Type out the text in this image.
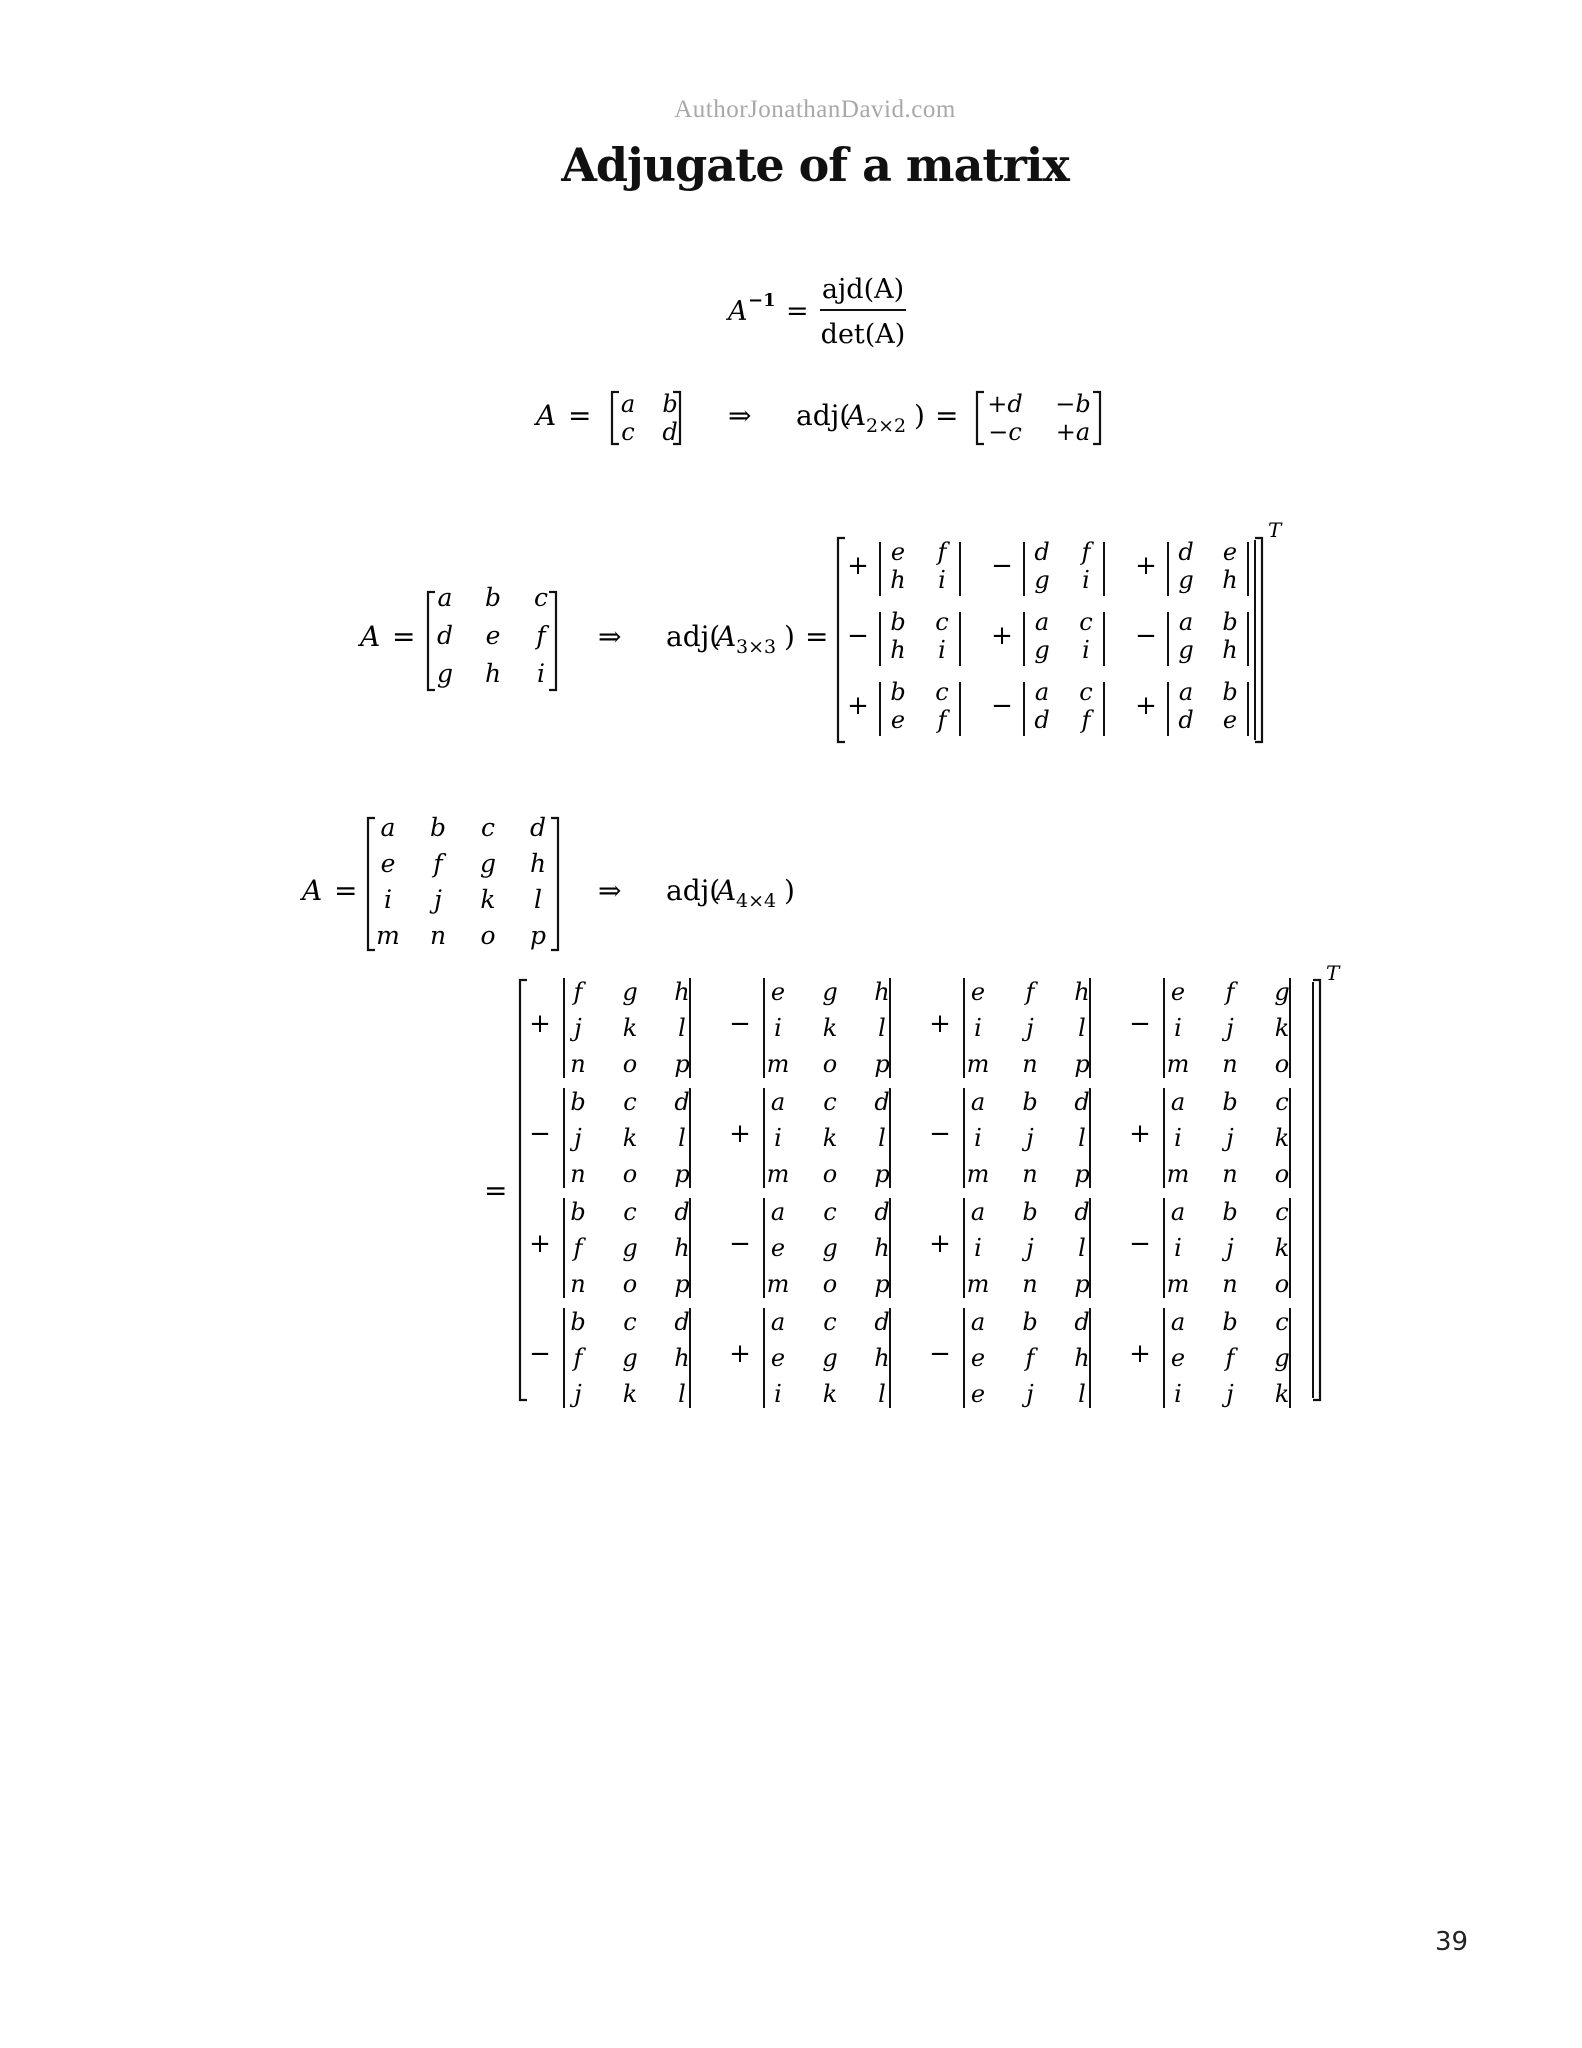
AuthorJonathanDavid.com
Adjugate of a matrix
A −1 =
ajd(A)
det(A)
A = a b
c d ⇒ adj(
A 2×2 ) = +d −b
−c +a
A =
a b c
d e f
g h i
⇒ adj(
A 3×3 ) =
+ e f
h i − d f
g i + d e
g h
− b c
h i + a c
g i − a b
g h
+ b c
e f − a c
d f + a b
d e
T
A =
a b c d
e f g h
i j k l
m n o p
⇒ adj(
A 4×4 )
=
+
f g h
j k l
n o p
−
e g h
i k l
m o p
+
e f h
i j l
m n p
−
e f g
i j k
m n o
−
b c d
j k l
n o p
+
a c d
i k l
m o p
−
a b d
i j l
m n p
+
a b c
i j k
m n o
+
b c d
f g h
n o p
−
a c d
e g h
m o p
+
a b d
i j l
m n p
−
a b c
i j k
m n o
−
b c d
f g h
j k l
+
a c d
e g h
i k l
−
a b d
e f h
e j l
+
a b c
e f g
i j k
T
39
